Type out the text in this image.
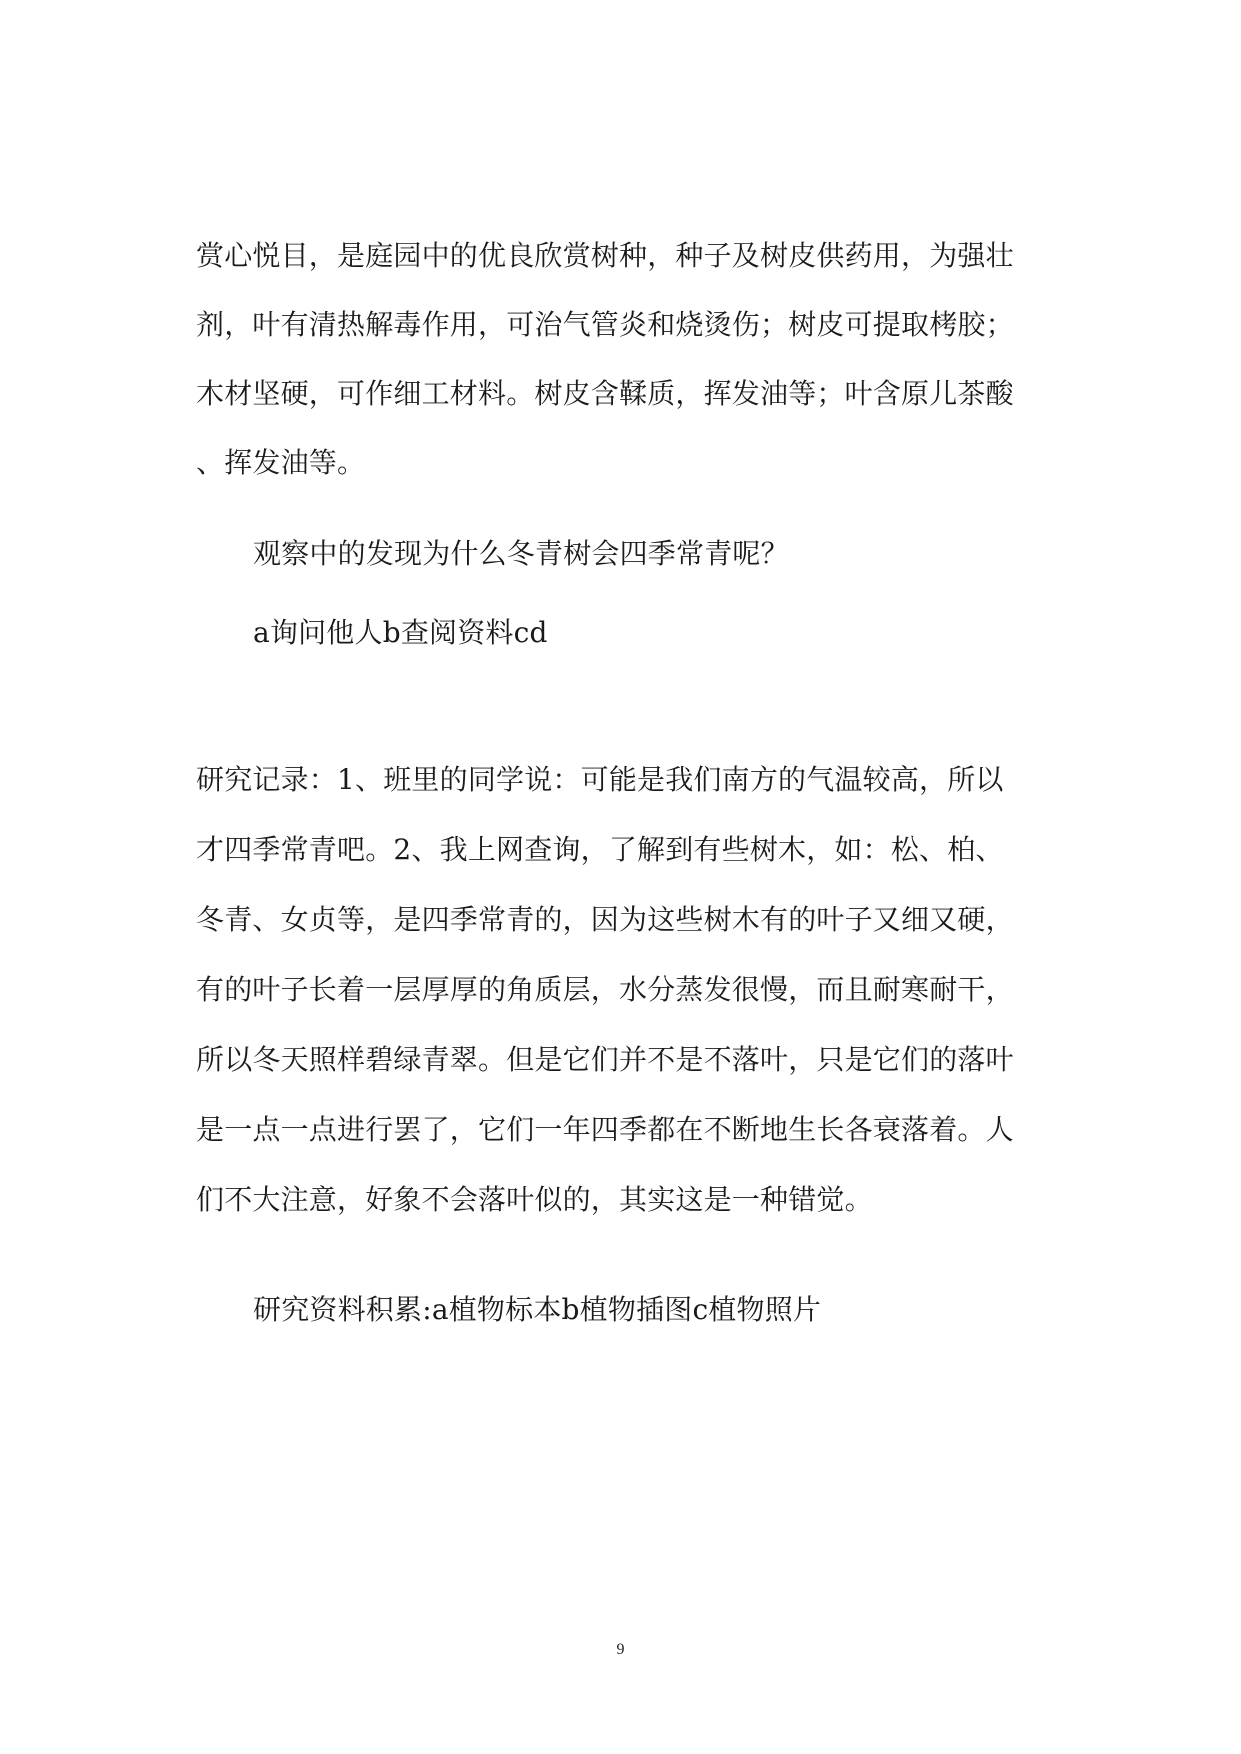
赏心悦目，是庭园中的优良欣赏树种，种子及树皮供药用，为强壮
剂，叶有清热解毒作用，可治气管炎和烧烫伤；树皮可提取栲胶；
木材坚硬，可作细工材料。树皮含鞣质，挥发油等；叶含原儿茶酸
、挥发油等。
观察中的发现为什么冬青树会四季常青呢？
a询问他人b查阅资料cd
研究记录：1、班里的同学说：可能是我们南方的气温较高，所以
才四季常青吧。2、我上网查询，了解到有些树木，如：松、柏、
冬青、女贞等，是四季常青的，因为这些树木有的叶子又细又硬，
有的叶子长着一层厚厚的角质层，水分蒸发很慢，而且耐寒耐干，
所以冬天照样碧绿青翠。但是它们并不是不落叶，只是它们的落叶
是一点一点进行罢了，它们一年四季都在不断地生长各衰落着。人
们不大注意，好象不会落叶似的，其实这是一种错觉。
研究资料积累:a植物标本b植物插图c植物照片
9
